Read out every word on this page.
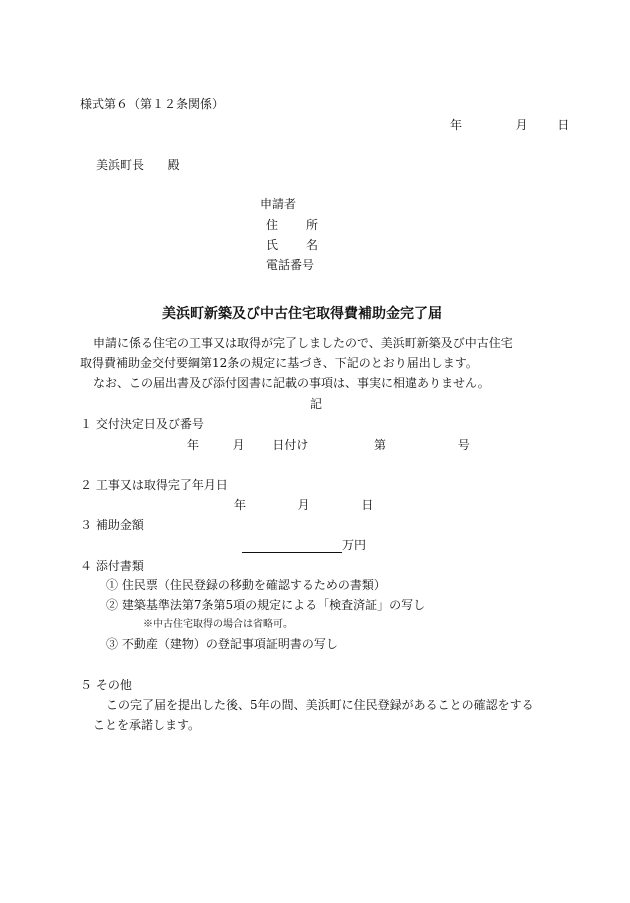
様式第６（第１２条関係）
年	月 日
美浜町長 殿
申請者
住 所
氏 名
電話番号
美浜町新築及び中古住宅取得費補助金完了届
申請に係る住宅の工事又は取得が完了しましたので、美浜町新築及び中古住宅
取得費補助金交付要綱第12条の規定に基づき、下記のとおり届出します。
なお、この届出書及び添付図書に記載の事項は、事実に相違ありません。
記
１ 交付決定日及び番号
年	月 日付け	第	号
２ 工事又は取得完了年月日
年	月	日
３ 補助金額
万円
４ 添付書類
① 住民票（住民登録の移動を確認するための書類）
② 建築基準法第7条第5項の規定による「検査済証」の写し
※中古住宅取得の場合は省略可。
③ 不動産（建物）の登記事項証明書の写し
５ その他
この完了届を提出した後、5年の間、美浜町に住民登録があることの確認をする
ことを承諾します。
